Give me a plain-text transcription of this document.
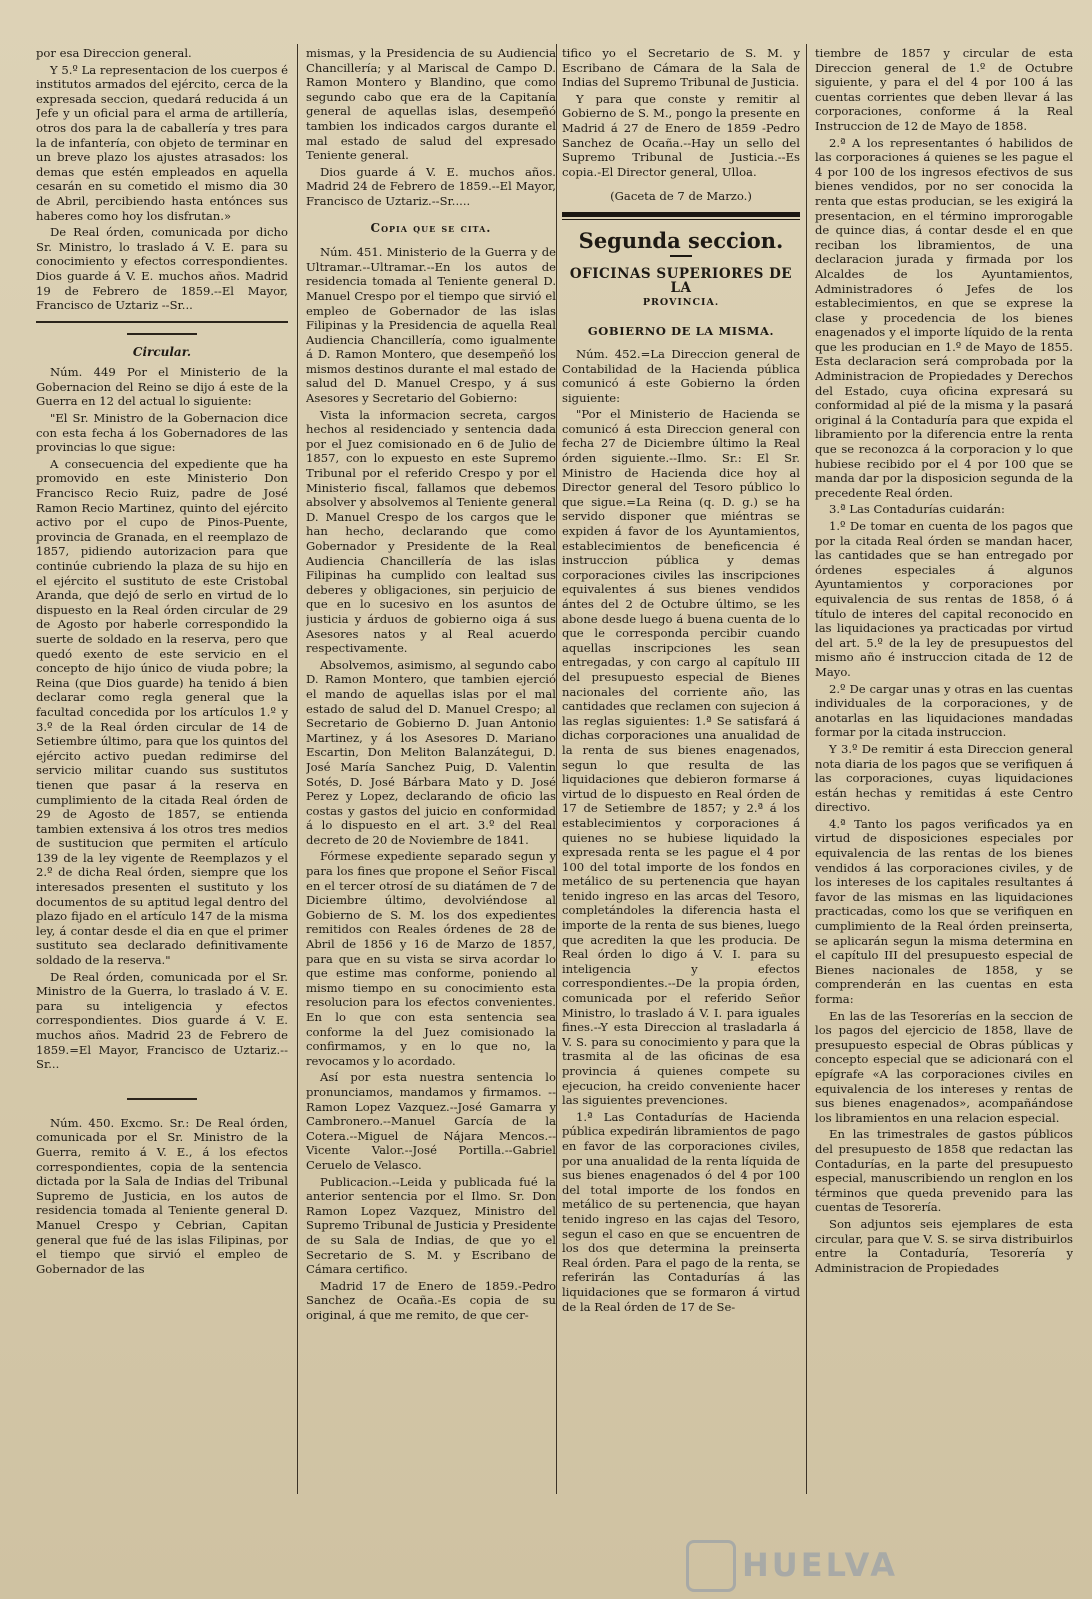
por esa Direccion general.

Y 5.º La representacion de los cuerpos é institutos armados del ejército, cerca de la expresada seccion, quedará reducida á un Jefe y un oficial para el arma de artillería, otros dos para la de caballería y tres para la de infantería, con objeto de terminar en un breve plazo los ajustes atrasados: los demas que estén empleados en aquella cesarán en su cometido el mismo dia 30 de Abril, percibiendo hasta entónces sus haberes como hoy los disfrutan.»

De Real órden, comunicada por dicho Sr. Ministro, lo traslado á V. E. para su conocimiento y efectos correspondientes. Dios guarde á V. E. muchos años. Madrid 19 de Febrero de 1859.--El Mayor, Francisco de Uztariz --Sr...

Circular.

Núm. 449 Por el Ministerio de la Gobernacion del Reino se dijo á este de la Guerra en 12 del actual lo siguiente:

"El Sr. Ministro de la Gobernacion dice con esta fecha á los Gobernadores de las provincias lo que sigue:

A consecuencia del expediente que ha promovido en este Ministerio Don Francisco Recio Ruiz, padre de José Ramon Recio Martinez, quinto del ejército activo por el cupo de Pinos-Puente, provincia de Granada, en el reemplazo de 1857, pidiendo autorizacion para que continúe cubriendo la plaza de su hijo en el ejército el sustituto de este Cristobal Aranda, que dejó de serlo en virtud de lo dispuesto en la Real órden circular de 29 de Agosto por haberle correspondido la suerte de soldado en la reserva, pero que quedó exento de este servicio en el concepto de hijo único de viuda pobre; la Reina (que Dios guarde) ha tenido á bien declarar como regla general que la facultad concedida por los artículos 1.º y 3.º de la Real órden circular de 14 de Setiembre último, para que los quintos del ejército activo puedan redimirse del servicio militar cuando sus sustitutos tienen que pasar á la reserva en cumplimiento de la citada Real órden de 29 de Agosto de 1857, se entienda tambien extensiva á los otros tres medios de sustitucion que permiten el artículo 139 de la ley vigente de Reemplazos y el 2.º de dicha Real órden, siempre que los interesados presenten el sustituto y los documentos de su aptitud legal dentro del plazo fijado en el artículo 147 de la misma ley, á contar desde el dia en que el primer sustituto sea declarado definitivamente soldado de la reserva."

De Real órden, comunicada por el Sr. Ministro de la Guerra, lo traslado á V. E. para su inteligencia y efectos correspondientes. Dios guarde á V. E. muchos años. Madrid 23 de Febrero de 1859.=El Mayor, Francisco de Uztariz.--Sr...

Núm. 450. Excmo. Sr.: De Real órden, comunicada por el Sr. Ministro de la Guerra, remito á V. E., á los efectos correspondientes, copia de la sentencia dictada por la Sala de Indias del Tribunal Supremo de Justicia, en los autos de residencia tomada al Teniente general D. Manuel Crespo y Cebrian, Capitan general que fué de las islas Filipinas, por el tiempo que sirvió el empleo de Gobernador de las

mismas, y la Presidencia de su Audiencia Chancillería; y al Mariscal de Campo D. Ramon Montero y Blandino, que como segundo cabo que era de la Capitanía general de aquellas islas, desempeñó tambien los indicados cargos durante el mal estado de salud del expresado Teniente general.

Dios guarde á V. E. muchos años. Madrid 24 de Febrero de 1859.--El Mayor, Francisco de Uztariz.--Sr.....

Copia que se cita.

Núm. 451. Ministerio de la Guerra y de Ultramar.--Ultramar.--En los autos de residencia tomada al Teniente general D. Manuel Crespo por el tiempo que sirvió el empleo de Gobernador de las islas Filipinas y la Presidencia de aquella Real Audiencia Chancillería, como igualmente á D. Ramon Montero, que desempeñó los mismos destinos durante el mal estado de salud del D. Manuel Crespo, y á sus Asesores y Secretario del Gobierno:

Vista la informacion secreta, cargos hechos al residenciado y sentencia dada por el Juez comisionado en 6 de Julio de 1857, con lo expuesto en este Supremo Tribunal por el referido Crespo y por el Ministerio fiscal, fallamos que debemos absolver y absolvemos al Teniente general D. Manuel Crespo de los cargos que le han hecho, declarando que como Gobernador y Presidente de la Real Audiencia Chancillería de las islas Filipinas ha cumplido con lealtad sus deberes y obligaciones, sin perjuicio de que en lo sucesivo en los asuntos de justicia y árduos de gobierno oiga á sus Asesores natos y al Real acuerdo respectivamente.

Absolvemos, asimismo, al segundo cabo D. Ramon Montero, que tambien ejerció el mando de aquellas islas por el mal estado de salud del D. Manuel Crespo; al Secretario de Gobierno D. Juan Antonio Martinez, y á los Asesores D. Mariano Escartin, Don Meliton Balanzátegui, D. José María Sanchez Puig, D. Valentin Sotés, D. José Bárbara Mato y D. José Perez y Lopez, declarando de oficio las costas y gastos del juicio en conformidad á lo dispuesto en el art. 3.º del Real decreto de 20 de Noviembre de 1841.

Fórmese expediente separado segun y para los fines que propone el Señor Fiscal en el tercer otrosí de su diatámen de 7 de Diciembre último, devolviéndose al Gobierno de S. M. los dos expedientes remitidos con Reales órdenes de 28 de Abril de 1856 y 16 de Marzo de 1857, para que en su vista se sirva acordar lo que estime mas conforme, poniendo al mismo tiempo en su conocimiento esta resolucion para los efectos convenientes. En lo que con esta sentencia sea conforme la del Juez comisionado la confirmamos, y en lo que no, la revocamos y lo acordado.

Así por esta nuestra sentencia lo pronunciamos, mandamos y firmamos. --Ramon Lopez Vazquez.--José Gamarra y Cambronero.--Manuel García de la Cotera.--Miguel de Nájara Mencos.--Vicente Valor.--José Portilla.--Gabriel Ceruelo de Velasco.

Publicacion.--Leida y publicada fué la anterior sentencia por el Ilmo. Sr. Don Ramon Lopez Vazquez, Ministro del Supremo Tribunal de Justicia y Presidente de su Sala de Indias, de que yo el Secretario de S. M. y Escribano de Cámara certifico.

Madrid 17 de Enero de 1859.-Pedro Sanchez de Ocaña.-Es copia de su original, á que me remito, de que cer-

tifico yo el Secretario de S. M. y Escribano de Cámara de la Sala de Indias del Supremo Tribunal de Justicia.

Y para que conste y remitir al Gobierno de S. M., pongo la presente en Madrid á 27 de Enero de 1859 -Pedro Sanchez de Ocaña.--Hay un sello del Supremo Tribunal de Justicia.--Es copia.-El Director general, Ulloa.

(Gaceta de 7 de Marzo.)
Segunda seccion.
OFICINAS SUPERIORES DE LA
PROVINCIA.
GOBIERNO DE LA MISMA.

Núm. 452.=La Direccion general de Contabilidad de la Hacienda pública comunicó á este Gobierno la órden siguiente:

"Por el Ministerio de Hacienda se comunicó á esta Direccion general con fecha 27 de Diciembre último la Real órden siguiente.--Ilmo. Sr.: El Sr. Ministro de Hacienda dice hoy al Director general del Tesoro público lo que sigue.=La Reina (q. D. g.) se ha servido disponer que miéntras se expiden á favor de los Ayuntamientos, establecimientos de beneficencia é instruccion pública y demas corporaciones civiles las inscripciones equivalentes á sus bienes vendidos ántes del 2 de Octubre último, se les abone desde luego á buena cuenta de lo que le corresponda percibir cuando aquellas inscripciones les sean entregadas, y con cargo al capítulo III del presupuesto especial de Bienes nacionales del corriente año, las cantidades que reclamen con sujecion á las reglas siguientes: 1.ª Se satisfará á dichas corporaciones una anualidad de la renta de sus bienes enagenados, segun lo que resulta de las liquidaciones que debieron formarse á virtud de lo dispuesto en Real órden de 17 de Setiembre de 1857; y 2.ª á los establecimientos y corporaciones á quienes no se hubiese liquidado la expresada renta se les pague el 4 por 100 del total importe de los fondos en metálico de su pertenencia que hayan tenido ingreso en las arcas del Tesoro, completándoles la diferencia hasta el importe de la renta de sus bienes, luego que acrediten la que les producia. De Real órden lo digo á V. I. para su inteligencia y efectos correspondientes.--De la propia órden, comunicada por el referido Señor Ministro, lo traslado á V. I. para iguales fines.--Y esta Direccion al trasladarla á V. S. para su conocimiento y para que la trasmita al de las oficinas de esa provincia á quienes compete su ejecucion, ha creido conveniente hacer las siguientes prevenciones.

1.ª Las Contadurías de Hacienda pública expedirán libramientos de pago en favor de las corporaciones civiles, por una anualidad de la renta líquida de sus bienes enagenados ó del 4 por 100 del total importe de los fondos en metálico de su pertenencia, que hayan tenido ingreso en las cajas del Tesoro, segun el caso en que se encuentren de los dos que determina la preinserta Real órden. Para el pago de la renta, se referirán las Contadurías á las liquidaciones que se formaron á virtud de la Real órden de 17 de Se-

tiembre de 1857 y circular de esta Direccion general de 1.º de Octubre siguiente, y para el del 4 por 100 á las cuentas corrientes que deben llevar á las corporaciones, conforme á la Real Instruccion de 12 de Mayo de 1858.

2.ª A los representantes ó habilidos de las corporaciones á quienes se les pague el 4 por 100 de los ingresos efectivos de sus bienes vendidos, por no ser conocida la renta que estas producian, se les exigirá la presentacion, en el término improrogable de quince dias, á contar desde el en que reciban los libramientos, de una declaracion jurada y firmada por los Alcaldes de los Ayuntamientos, Administradores ó Jefes de los establecimientos, en que se exprese la clase y procedencia de los bienes enagenados y el importe líquido de la renta que les producian en 1.º de Mayo de 1855. Esta declaracion será comprobada por la Administracion de Propiedades y Derechos del Estado, cuya oficina expresará su conformidad al pié de la misma y la pasará original á la Contaduría para que expida el libramiento por la diferencia entre la renta que se reconozca á la corporacion y lo que hubiese recibido por el 4 por 100 que se manda dar por la disposicion segunda de la precedente Real órden.

3.ª Las Contadurías cuidarán:

1.º De tomar en cuenta de los pagos que por la citada Real órden se mandan hacer, las cantidades que se han entregado por órdenes especiales á algunos Ayuntamientos y corporaciones por equivalencia de sus rentas de 1858, ó á título de interes del capital reconocido en las liquidaciones ya practicadas por virtud del art. 5.º de la ley de presupuestos del mismo año é instruccion citada de 12 de Mayo.

2.º De cargar unas y otras en las cuentas individuales de la corporaciones, y de anotarlas en las liquidaciones mandadas formar por la citada instruccion.

Y 3.º De remitir á esta Direccion general nota diaria de los pagos que se verifiquen á las corporaciones, cuyas liquidaciones están hechas y remitidas á este Centro directivo.

4.ª Tanto los pagos verificados ya en virtud de disposiciones especiales por equivalencia de las rentas de los bienes vendidos á las corporaciones civiles, y de los intereses de los capitales resultantes á favor de las mismas en las liquidaciones practicadas, como los que se verifiquen en cumplimiento de la Real órden preinserta, se aplicarán segun la misma determina en el capítulo III del presupuesto especial de Bienes nacionales de 1858, y se comprenderán en las cuentas en esta forma:

En las de las Tesorerías en la seccion de los pagos del ejercicio de 1858, llave de presupuesto especial de Obras públicas y concepto especial que se adicionará con el epígrafe «A las corporaciones civiles en equivalencia de los intereses y rentas de sus bienes enagenados», acompañándose los libramientos en una relacion especial.

En las trimestrales de gastos públicos del presupuesto de 1858 que redactan las Contadurías, en la parte del presupuesto especial, manuscribiendo un renglon en los términos que queda prevenido para las cuentas de Tesorería.

Son adjuntos seis ejemplares de esta circular, para que V. S. se sirva distribuirlos entre la Contaduría, Tesorería y Administracion de Propiedades

HUELVA
